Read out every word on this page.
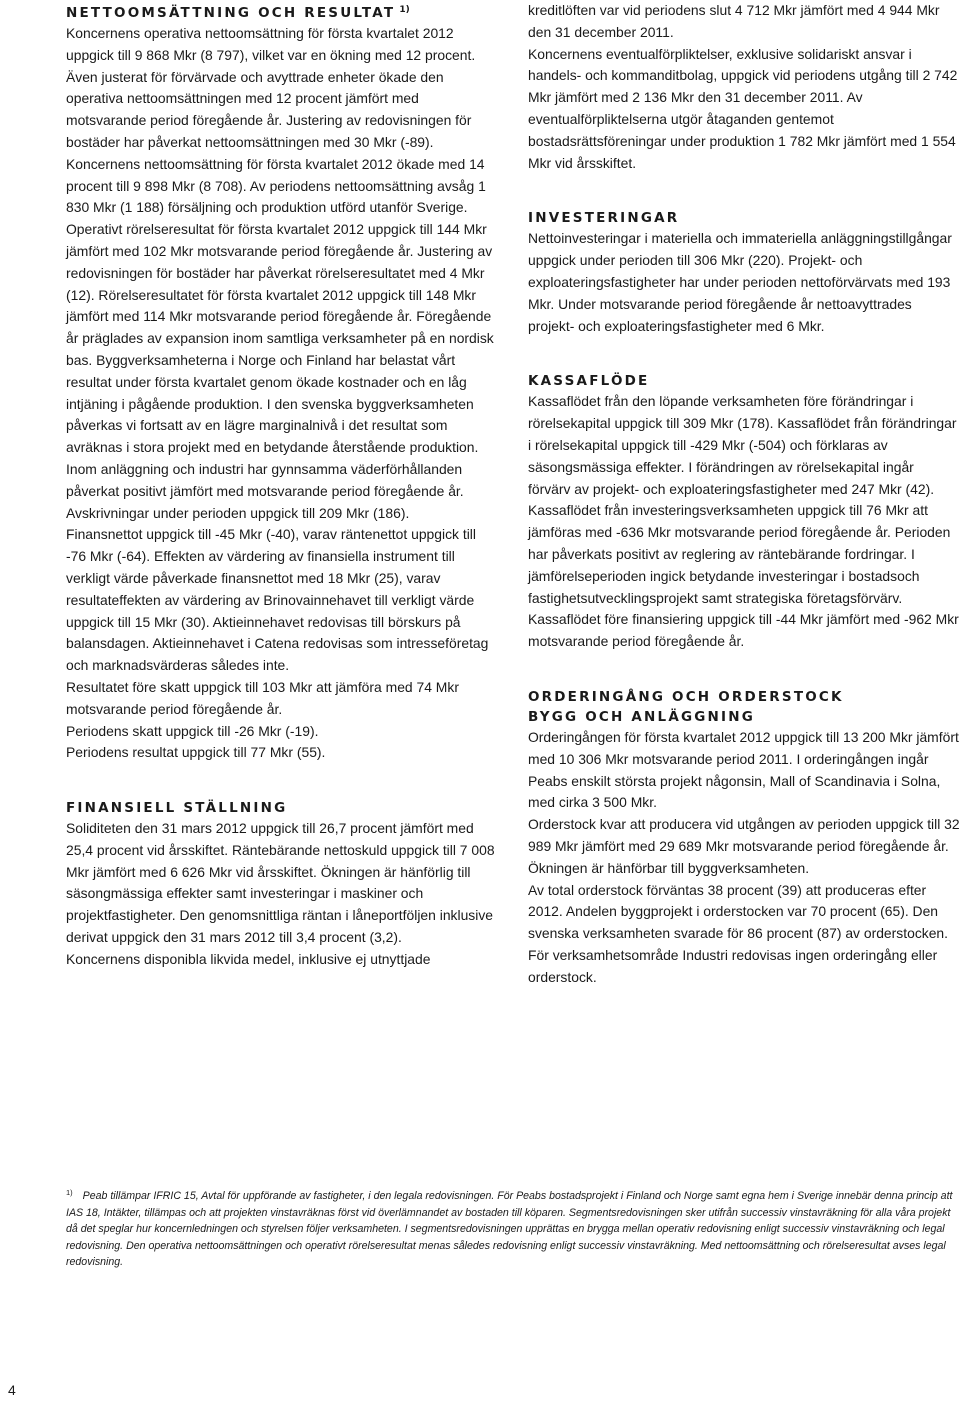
NETTOOMSÄTTNING OCH RESULTAT $^{1)}$

Koncernens operativa nettoomsättning för första kvartalet 2012 uppgick till 9 868 Mkr (8 797), vilket var en ökning med 12 procent. Även justerat för förvärvade och avyttrade enheter ökade den operativa nettoomsättningen med 12 procent jämfört med motsvarande period föregående år. Justering av redovisningen för bostäder har påverkat nettoomsättningen med 30 Mkr (-89). Koncernens nettoomsättning för första kvartalet 2012 ökade med 14 procent till 9 898 Mkr (8 708). Av periodens nettoomsättning avsåg 1 830 Mkr (1 188) försäljning och produktion utförd utanför Sverige.

Operativt rörelseresultat för första kvartalet 2012 uppgick till 144 Mkr jämfört med 102 Mkr motsvarande period föregående år. Justering av redovisningen för bostäder har påverkat rörelseresultatet med 4 Mkr (12). Rörelseresultatet för första kvartalet 2012 uppgick till 148 Mkr jämfört med 114 Mkr motsvarande period föregående år. Föregående år präglades av expansion inom samtliga verksamheter på en nordisk bas. Byggverksamheterna i Norge och Finland har belastat vårt resultat under första kvartalet genom ökade kostnader och en låg intjäning i pågående produktion. I den svenska byggverksamheten påverkas vi fortsatt av en lägre marginalnivå i det resultat som avräknas i stora projekt med en betydande återstående produktion. Inom anläggning och industri har gynnsamma väderförhållanden påverkat positivt jämfört med motsvarande period föregående år.

Avskrivningar under perioden uppgick till 209 Mkr (186).

Finansnettot uppgick till -45 Mkr (-40), varav räntenettot uppgick till -76 Mkr (-64). Effekten av värdering av finansiella instrument till verkligt värde påverkade finansnettot med 18 Mkr (25), varav resultateffekten av värdering av Brinovainnehavet till verkligt värde uppgick till 15 Mkr (30). Aktieinnehavet redovisas till börskurs på balansdagen. Aktieinnehavet i Catena redovisas som intresseföretag och marknadsvärderas således inte.

Resultatet före skatt uppgick till 103 Mkr att jämföra med 74 Mkr motsvarande period föregående år.

Periodens skatt uppgick till -26 Mkr (-19).

Periodens resultat uppgick till 77 Mkr (55).

FINANSIELL STÄLLNING

Soliditeten den 31 mars 2012 uppgick till 26,7 procent jämfört med 25,4 procent vid årsskiftet. Räntebärande nettoskuld uppgick till 7 008 Mkr jämfört med 6 626 Mkr vid årsskiftet. Ökningen är hänförlig till säsongmässiga effekter samt investeringar i maskiner och projektfastigheter. Den genomsnittliga räntan i låneportföljen inklusive derivat uppgick den 31 mars 2012 till 3,4 procent (3,2).

Koncernens disponibla likvida medel, inklusive ej utnyttjade

kreditlöften var vid periodens slut 4 712 Mkr jämfört med 4 944 Mkr den 31 december 2011.

Koncernens eventualförpliktelser, exklusive solidariskt ansvar i handels- och kommanditbolag, uppgick vid periodens utgång till 2 742 Mkr jämfört med 2 136 Mkr den 31 december 2011. Av eventualförpliktelserna utgör åtaganden gentemot bostadsrättsföreningar under produktion 1 782 Mkr jämfört med 1 554 Mkr vid årsskiftet.

INVESTERINGAR

Nettoinvesteringar i materiella och immateriella anläggningstillgångar uppgick under perioden till 306 Mkr (220). Projekt- och exploateringsfastigheter har under perioden nettoförvärvats med 193 Mkr. Under motsvarande period föregående år nettoavyttrades projekt- och exploateringsfastigheter med 6 Mkr.

KASSAFLÖDE

Kassaflödet från den löpande verksamheten före förändringar i rörelsekapital uppgick till 309 Mkr (178). Kassaflödet från förändringar i rörelsekapital uppgick till -429 Mkr (-504) och förklaras av säsongsmässiga effekter. I förändringen av rörelsekapital ingår förvärv av projekt- och exploateringsfastigheter med 247 Mkr (42).

Kassaflödet från investeringsverksamheten uppgick till 76 Mkr att jämföras med -636 Mkr motsvarande period föregående år. Perioden har påverkats positivt av reglering av räntebärande fordringar. I jämförelseperioden ingick betydande investeringar i bostadsoch fastighetsutvecklingsprojekt samt strategiska företagsförvärv. Kassaflödet före finansiering uppgick till -44 Mkr jämfört med -962 Mkr motsvarande period föregående år.

ORDERINGÅNG OCH ORDERSTOCK
BYGG OCH ANLÄGGNING

Orderingången för första kvartalet 2012 uppgick till 13 200 Mkr jämfört med 10 306 Mkr motsvarande period 2011. I orderingången ingår Peabs enskilt största projekt någonsin, Mall of Scandinavia i Solna, med cirka 3 500 Mkr.

Orderstock kvar att producera vid utgången av perioden uppgick till 32 989 Mkr jämfört med 29 689 Mkr motsvarande period föregående år. Ökningen är hänförbar till byggverksamheten.

Av total orderstock förväntas 38 procent (39) att produceras efter 2012. Andelen byggprojekt i orderstocken var 70 procent (65). Den svenska verksamheten svarade för 86 procent (87) av orderstocken.

För verksamhetsområde Industri redovisas ingen orderingång eller orderstock.

$^{1)}$ Peab tillämpar IFRIC 15, Avtal för uppförande av fastigheter, i den legala redovisningen. För Peabs bostadsprojekt i Finland och Norge samt egna hem i Sverige innebär denna princip att IAS 18, Intäkter, tillämpas och att projekten vinstavräknas först vid överlämnandet av bostaden till köparen. Segmentsredovisningen sker utifrån successiv vinstavräkning för alla våra projekt då det speglar hur koncernledningen och styrelsen följer verksamheten. I segmentsredovisningen upprättas en brygga mellan operativ redovisning enligt successiv vinstavräkning och legal redovisning. Den operativa nettoomsättningen och operativt rörelseresultat menas således redovisning enligt successiv vinstavräkning. Med nettoomsättning och rörelseresultat avses legal redovisning.
4
